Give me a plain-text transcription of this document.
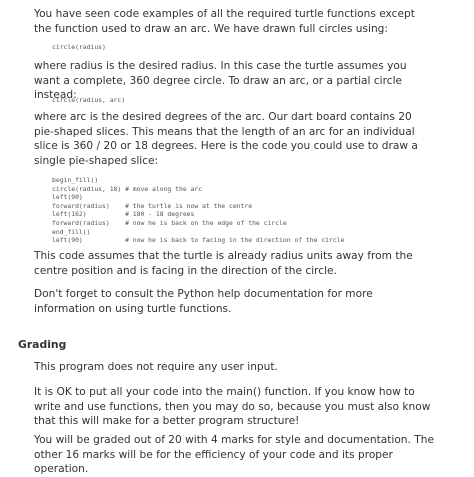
You have seen code examples of all the required turtle functions except the function used to draw an arc. We have drawn full circles using:

circle(radius)

where radius is the desired radius. In this case the turtle assumes you want a complete, 360 degree circle. To draw an arc, or a partial circle instead:

circle(radius, arc)

where arc is the desired degrees of the arc. Our dart board contains 20 pie-shaped slices. This means that the length of an arc for an individual slice is 360 / 20 or 18 degrees. Here is the code you could use to draw a single pie-shaped slice:

begin_fill()
circle(radius, 18) # move along the arc
left(90)
forward(radius)    # the turtle is now at the centre
left(162)          # 180 - 18 degrees
forward(radius)    # now he is back on the edge of the circle
end_fill()
left(90)           # now he is back to facing in the direction of the circle

This code assumes that the turtle is already radius units away from the centre position and is facing in the direction of the circle.

Don't forget to consult the Python help documentation for more information on using turtle functions.

Grading

This program does not require any user input.

It is OK to put all your code into the main() function. If you know how to write and use functions, then you may do so, because you must also know that this will make for a better program structure!

You will be graded out of 20 with 4 marks for style and documentation. The other 16 marks will be for the efficiency of your code and its proper operation.
